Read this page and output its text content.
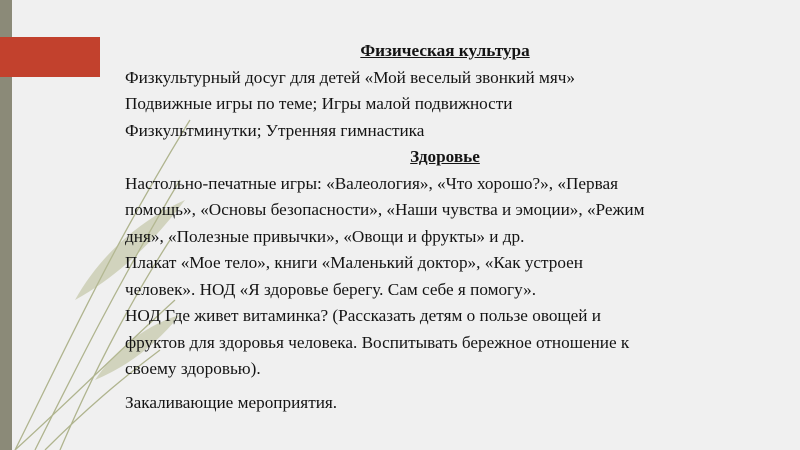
Физическая культура
Физкультурный досуг для детей «Мой веселый звонкий мяч»
Подвижные игры по теме; Игры малой подвижности
Физкультминутки; Утренняя гимнастика
Здоровье
Настольно-печатные игры: «Валеология», «Что хорошо?», «Первая
помощь», «Основы безопасности», «Наши чувства и эмоции», «Режим
дня», «Полезные привычки», «Овощи и фрукты» и др.
Плакат «Мое тело», книги «Маленький доктор», «Как устроен
человек». НОД «Я здоровье берегу. Сам себе я помогу».
НОД Где живет витаминка? (Рассказать детям о пользе овощей и
фруктов для здоровья человека. Воспитывать бережное отношение к
своему здоровью).
Закаливающие мероприятия.
